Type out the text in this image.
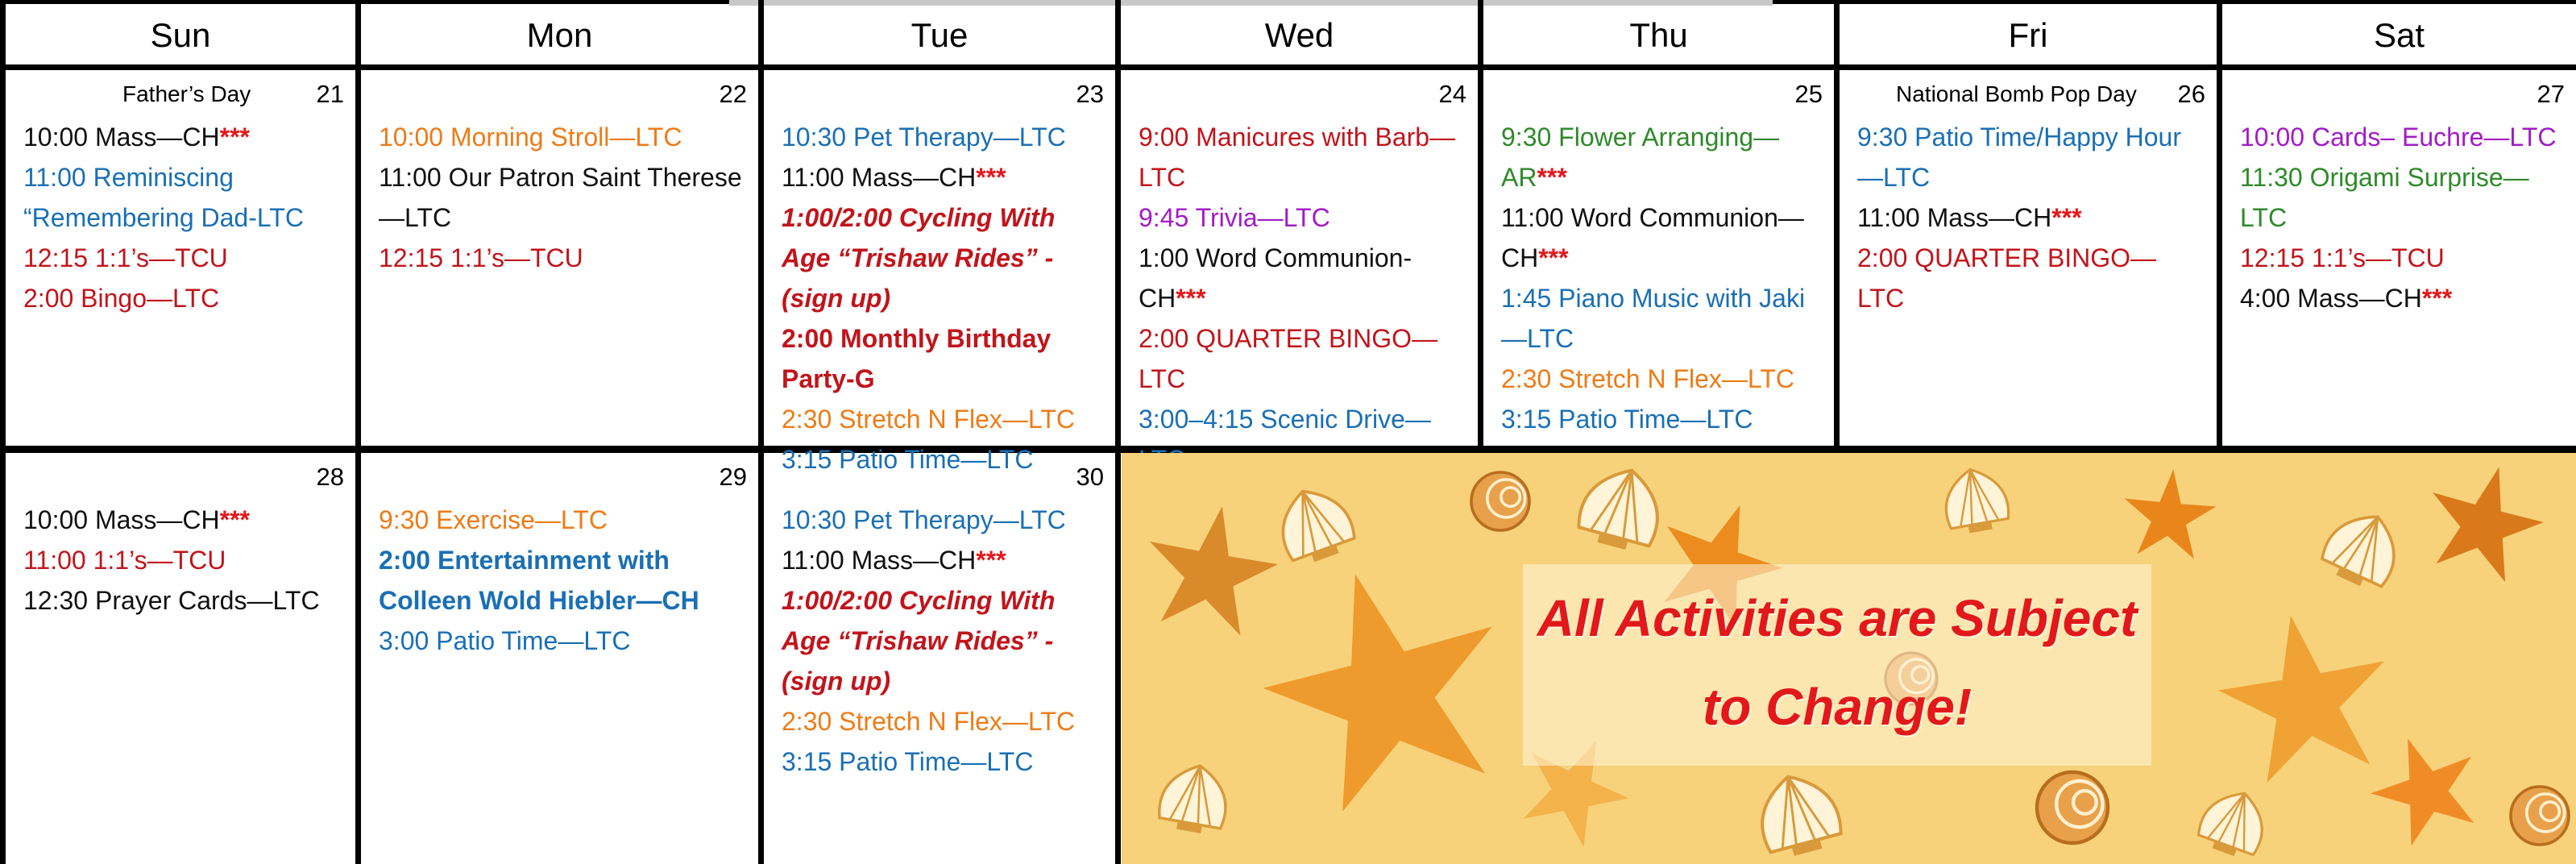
Sun	Mon	Tue	Wed	Thu	Fri	Sat
Father’s Day	21

10:00 Mass—CH***

11:00 Reminiscing “Remembering Dad-LTC

12:15 1:1’s—TCU

2:00 Bingo—LTC

22

10:00 Morning Stroll—LTC

11:00 Our Patron Saint Therese—LTC

12:15 1:1’s—TCU

23

10:30 Pet Therapy—LTC

11:00 Mass—CH***

1:00/2:00 Cycling With Age “Trishaw Rides” - (sign up)

2:00 Monthly Birthday Party-G

2:30 Stretch N Flex—LTC

3:15 Patio Time—LTC

24

9:00 Manicures with Barb—LTC

9:45 Trivia—LTC

1:00 Word Communion-CH***

2:00 QUARTER BINGO—LTC

3:00–4:15 Scenic Drive—

25

9:30 Flower Arranging—AR***

11:00 Word Communion—CH***

1:45 Piano Music with Jaki—LTC

2:30 Stretch N Flex—LTC

3:15 Patio Time—LTC

National Bomb Pop Day 26

9:30 Patio Time/Happy Hour—LTC

11:00 Mass—CH***

2:00 QUARTER BINGO—LTC

27

10:00 Cards– Euchre—LTC

11:30 Origami Surprise—LTC

12:15 1:1’s—TCU

4:00 Mass—CH***

28

10:00 Mass—CH***

11:00 1:1’s—TCU

12:30 Prayer Cards—LTC

29

9:30 Exercise—LTC

2:00 Entertainment with Colleen Wold Hiebler—CH

3:00 Patio Time—LTC

30

10:30 Pet Therapy—LTC

11:00 Mass—CH***

1:00/2:00 Cycling With Age “Trishaw Rides” - (sign up)

2:30 Stretch N Flex—LTC

3:15 Patio Time—LTC

All Activities are Subject
to Change!
